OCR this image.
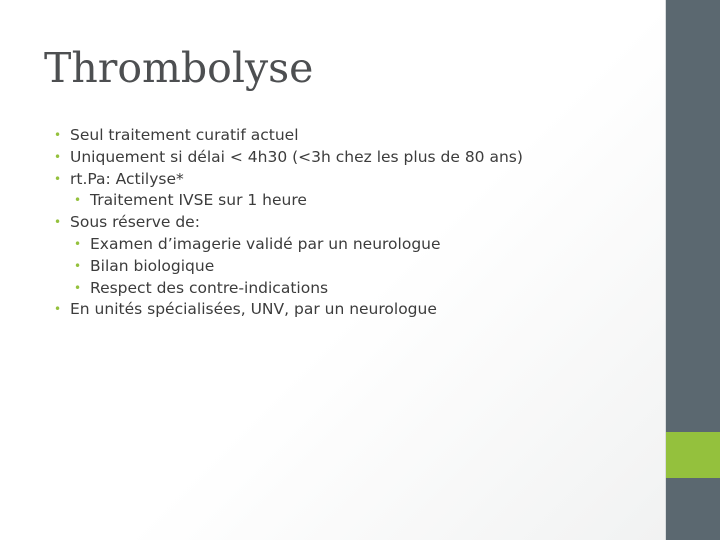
Thrombolyse
• Seul traitement curatif actuel
• Uniquement si délai < 4h30 (<3h chez les plus de 80 ans)
• rt.Pa: Actilyse*
• Traitement IVSE sur 1 heure
• Sous réserve de:
• Examen d’imagerie validé par un neurologue
• Bilan biologique
• Respect des contre-indications
• En unités spécialisées, UNV, par un neurologue
